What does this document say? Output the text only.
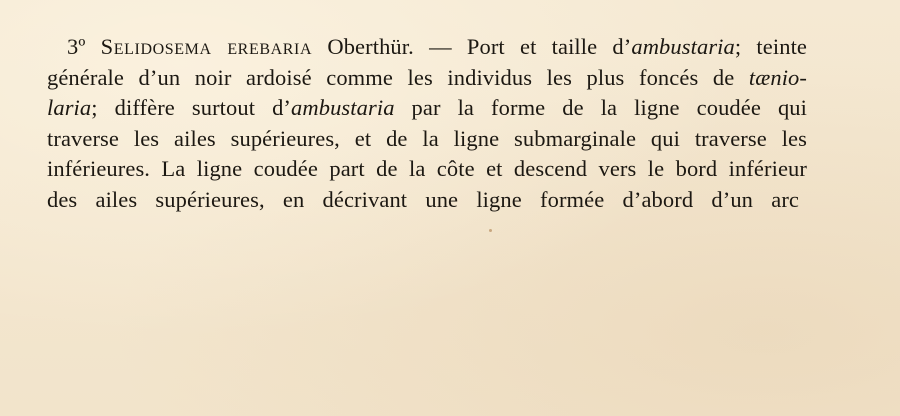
3º Selidosema erebaria Oberthür. — Port et taille d’ambustaria; teinte
générale d’un noir ardoisé comme les individus les plus foncés de tænio-
laria; diffère surtout d’ambustaria par la forme de la ligne coudée qui
traverse les ailes supérieures, et de la ligne submarginale qui traverse les
inférieures. La ligne coudée part de la côte et descend vers le bord inférieur
des ailes supérieures, en décrivant une ligne formée d’abord d’un arc
